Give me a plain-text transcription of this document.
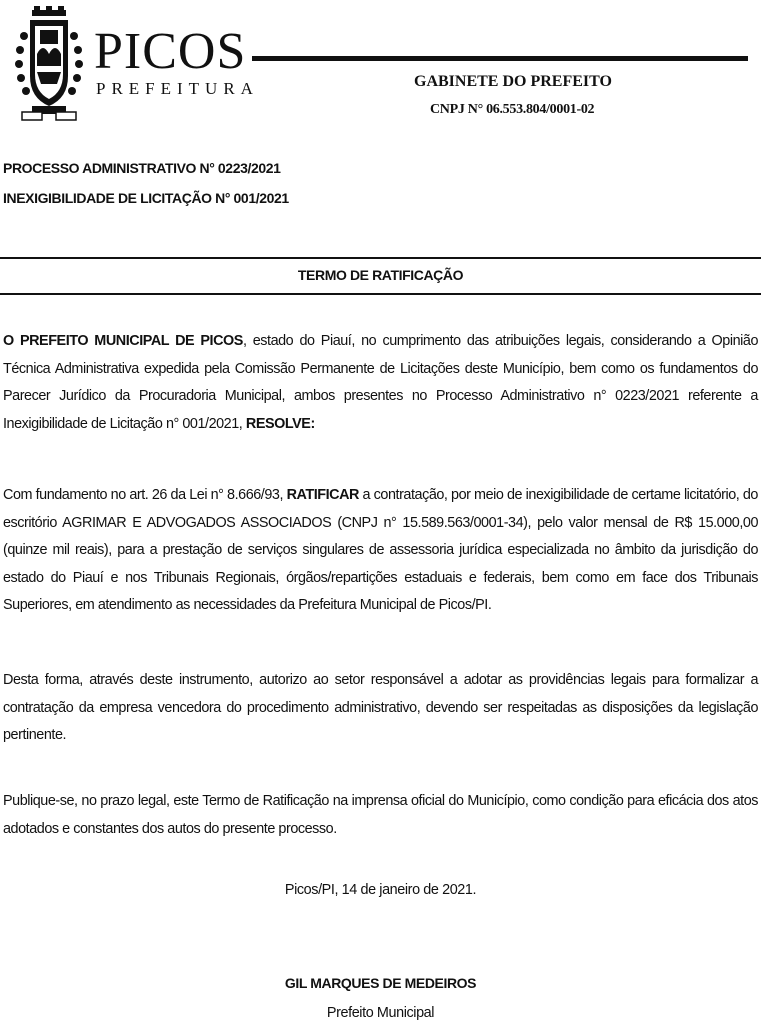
PICOS
PREFEITURA	GABINETE DO PREFEITO
CNPJ N° 06.553.804/0001-02
PROCESSO ADMINISTRATIVO N° 0223/2021
INEXIGIBILIDADE DE LICITAÇÃO N° 001/2021
TERMO DE RATIFICAÇÃO

O PREFEITO MUNICIPAL DE PICOS, estado do Piauí, no cumprimento das atribuições legais, considerando a Opinião Técnica Administrativa expedida pela Comissão Permanente de Licitações deste Município, bem como os fundamentos do Parecer Jurídico da Procuradoria Municipal, ambos presentes no Processo Administrativo n° 0223/2021 referente a Inexigibilidade de Licitação n° 001/2021, RESOLVE:

Com fundamento no art. 26 da Lei n° 8.666/93, RATIFICAR a contratação, por meio de inexigibilidade de certame licitatório, do escritório AGRIMAR E ADVOGADOS ASSOCIADOS (CNPJ n° 15.589.563/0001-34), pelo valor mensal de R$ 15.000,00 (quinze mil reais), para a prestação de serviços singulares de assessoria jurídica especializada no âmbito da jurisdição do estado do Piauí e nos Tribunais Regionais, órgãos/repartições estaduais e federais, bem como em face dos Tribunais Superiores, em atendimento as necessidades da Prefeitura Municipal de Picos/PI.

Desta forma, através deste instrumento, autorizo ao setor responsável a adotar as providências legais para formalizar a contratação da empresa vencedora do procedimento administrativo, devendo ser respeitadas as disposições da legislação pertinente.

Publique-se, no prazo legal, este Termo de Ratificação na imprensa oficial do Município, como condição para eficácia dos atos adotados e constantes dos autos do presente processo.

Picos/PI, 14 de janeiro de 2021.
GIL MARQUES DE MEDEIROS
Prefeito Municipal
